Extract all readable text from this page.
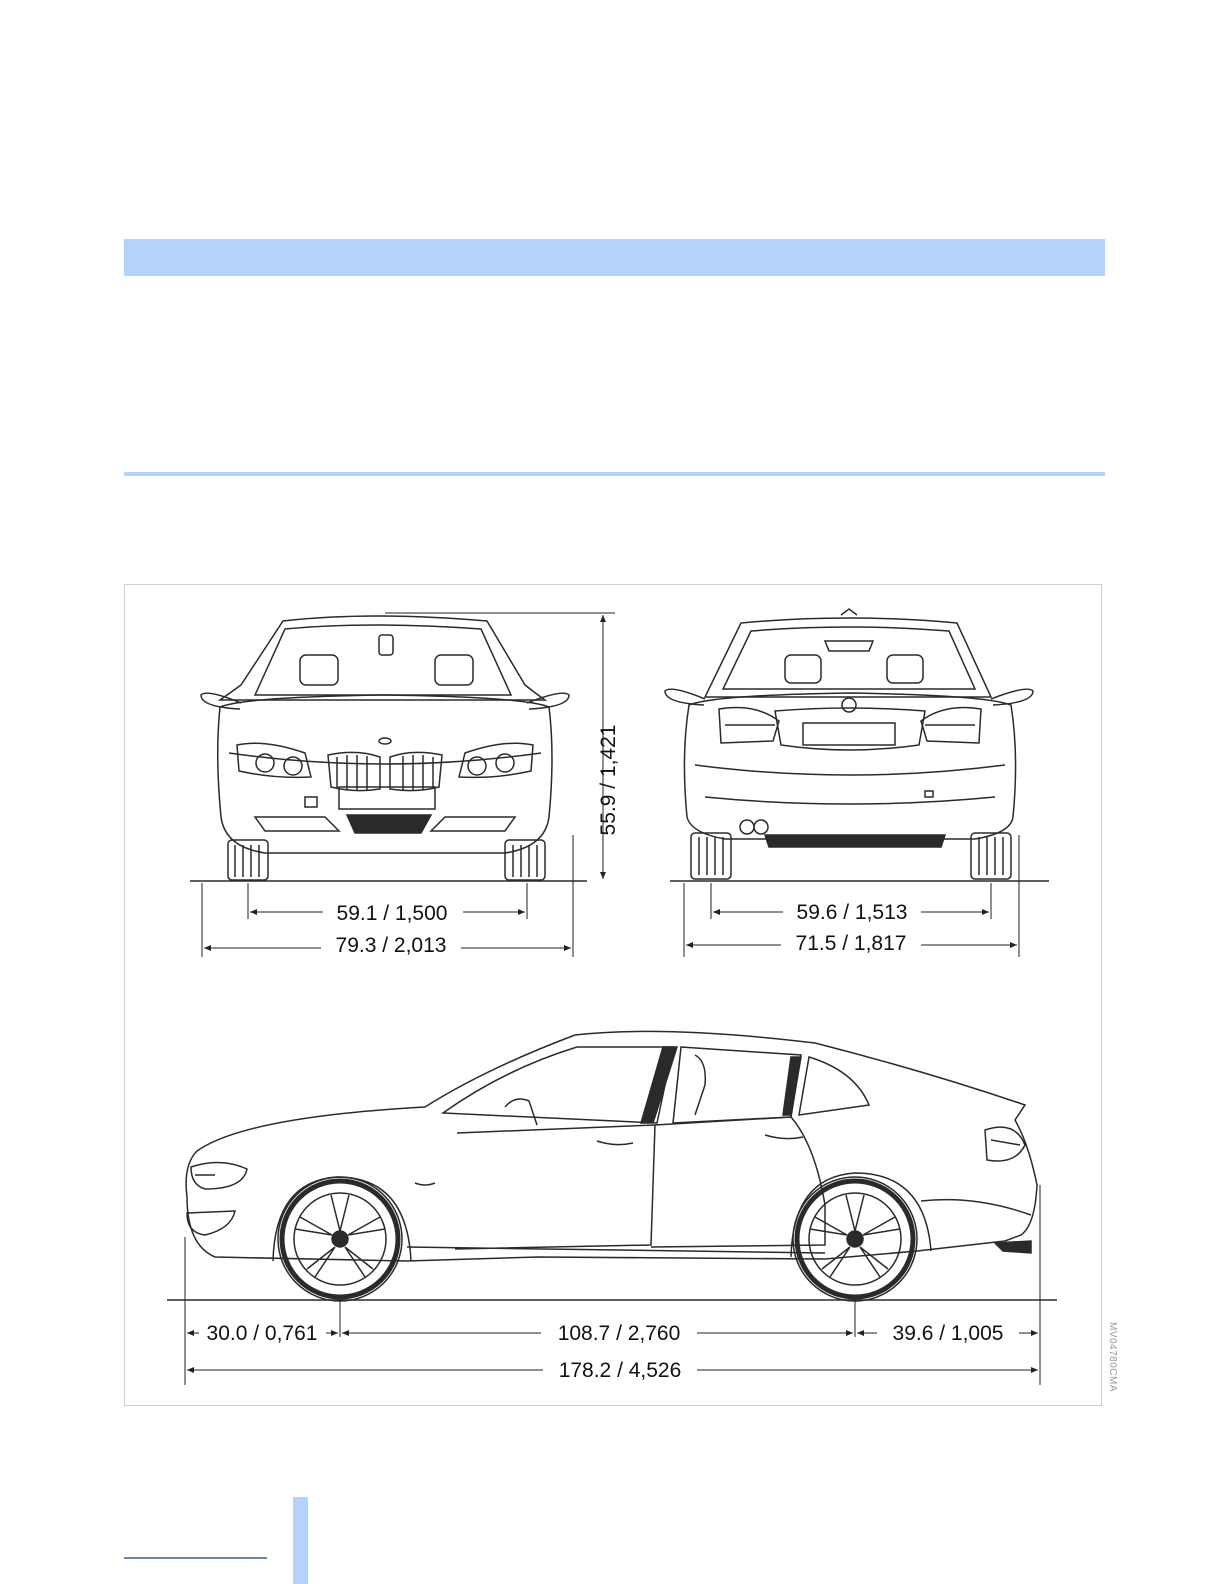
55.9 / 1,421
59.1 / 1,500
79.3 / 2,013
59.6 / 1,513
71.5 / 1,817
30.0 / 0,761	108.7 / 2,760	39.6 / 1,005
178.2 / 4,526	MV04780CMA
